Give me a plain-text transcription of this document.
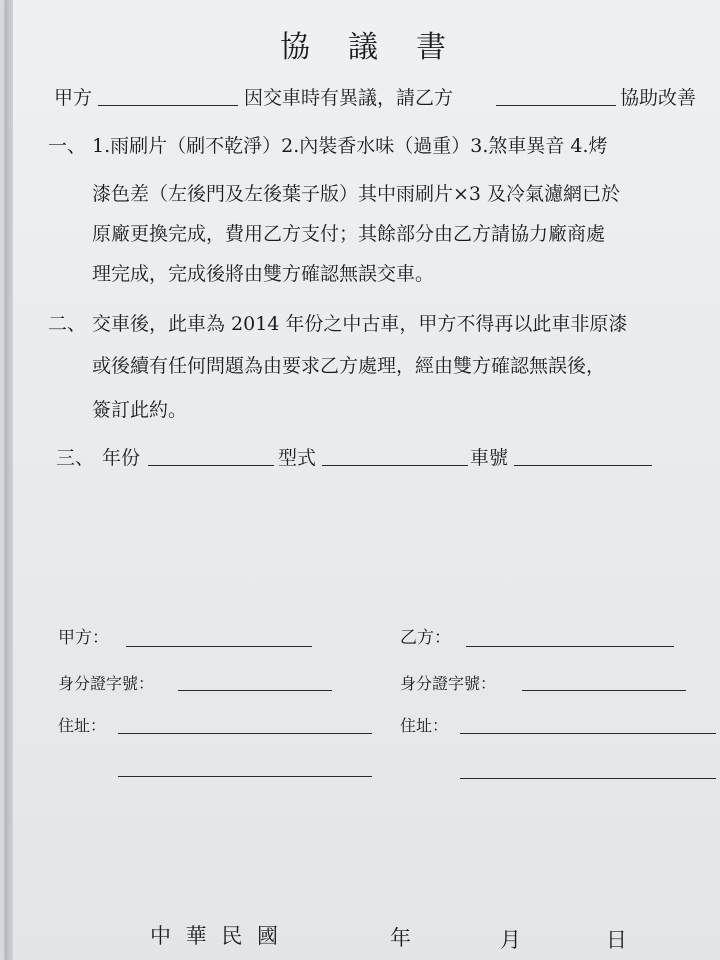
協議書
甲方	因交車時有異議，請乙方	協助改善
一、 1.雨刷片（刷不乾淨）2.內裝香水味（過重）3.煞車異音 4.烤
漆色差（左後門及左後葉子版）其中雨刷片×3 及冷氣濾網已於
原廠更換完成，費用乙方支付；其餘部分由乙方請協力廠商處
理完成，完成後將由雙方確認無誤交車。
二、 交車後，此車為 2014 年份之中古車，甲方不得再以此車非原漆
或後續有任何問題為由要求乙方處理，經由雙方確認無誤後，
簽訂此約。
三、 年份	型式	車號
甲方：
身分證字號：
住址：
乙方：
身分證字號：
住址：
中 華 民 國	年	月	日
